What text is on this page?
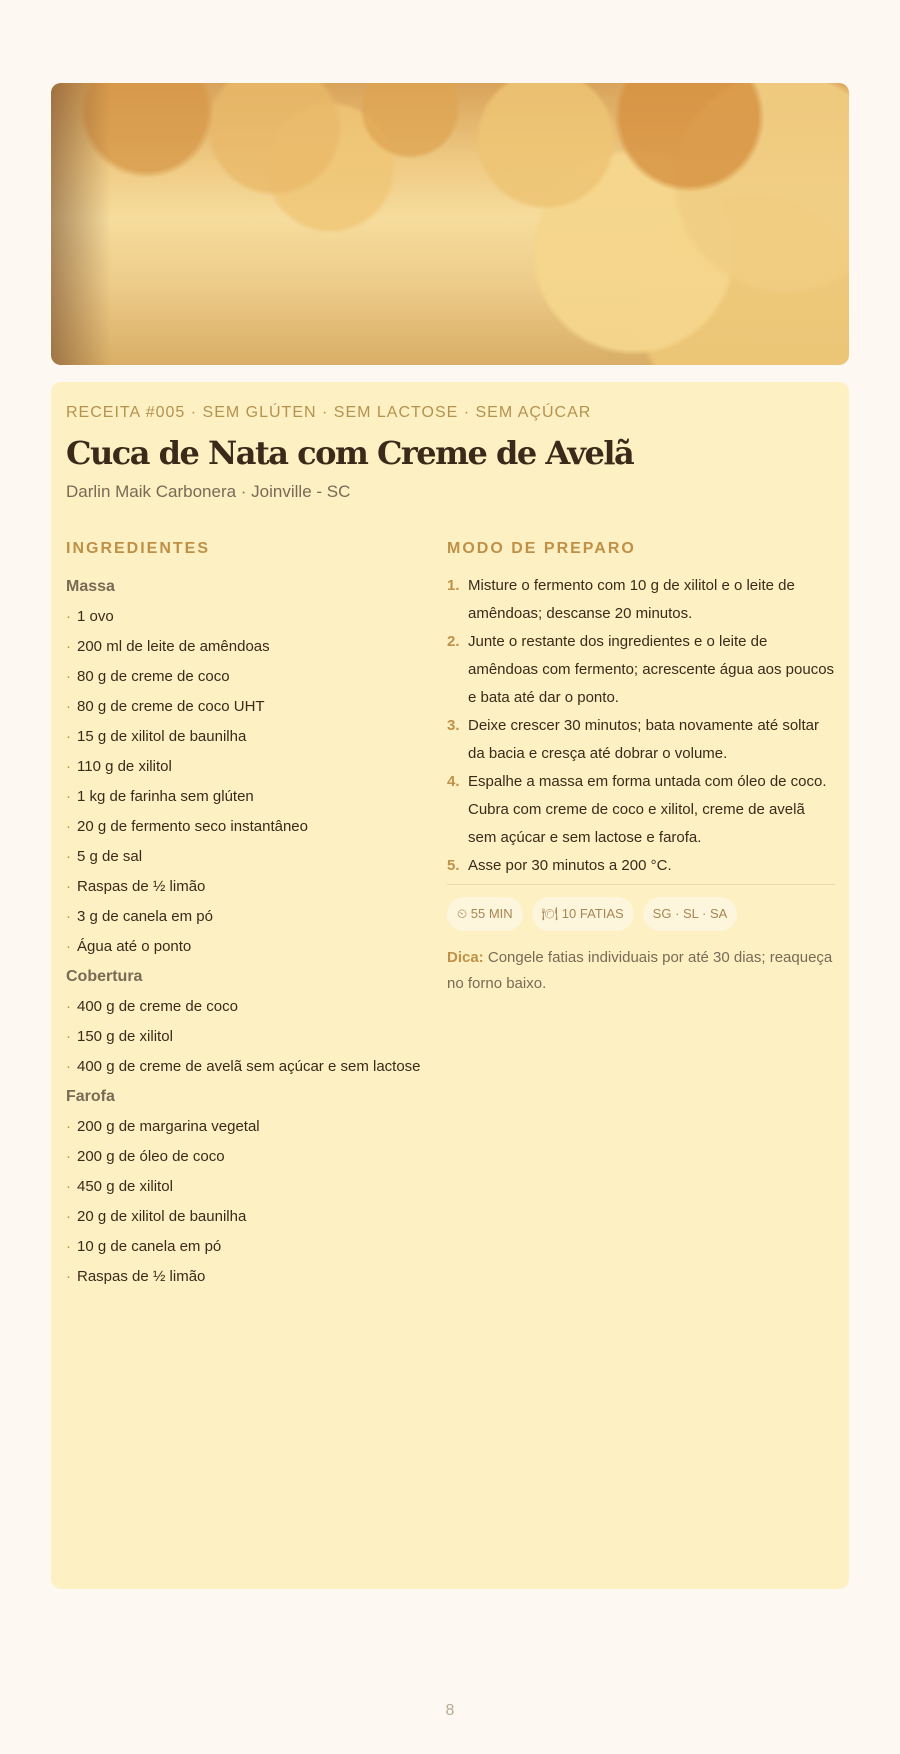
RECEITA #005 · SEM GLÚTEN · SEM LACTOSE · SEM AÇÚCAR
Cuca de Nata com Creme de Avelã
Darlin Maik Carbonera · Joinville - SC
INGREDIENTES
Massa
· 1 ovo
· 200 ml de leite de amêndoas
· 80 g de creme de coco
· 80 g de creme de coco UHT
· 15 g de xilitol de baunilha
· 110 g de xilitol
· 1 kg de farinha sem glúten
· 20 g de fermento seco instantâneo
· 5 g de sal
· Raspas de ½ limão
· 3 g de canela em pó
· Água até o ponto
Cobertura
· 400 g de creme de coco
· 150 g de xilitol
· 400 g de creme de avelã sem açúcar e sem lactose
Farofa
· 200 g de margarina vegetal
· 200 g de óleo de coco
· 450 g de xilitol
· 20 g de xilitol de baunilha
· 10 g de canela em pó
· Raspas de ½ limão
MODO DE PREPARO
1. Misture o fermento com 10 g de xilitol e o leite de amêndoas; descanse 20 minutos.
2. Junte o restante dos ingredientes e o leite de amêndoas com fermento; acrescente água aos poucos e bata até dar o ponto.
3. Deixe crescer 30 minutos; bata novamente até soltar da bacia e cresça até dobrar o volume.
4. Espalhe a massa em forma untada com óleo de coco. Cubra com creme de coco e xilitol, creme de avelã sem açúcar e sem lactose e farofa.
5. Asse por 30 minutos a 200 °C.
⏲ 55 MIN	🍽 10 FATIAS	SG · SL · SA
Dica: Congele fatias individuais por até 30 dias; reaqueça no forno baixo.
8
